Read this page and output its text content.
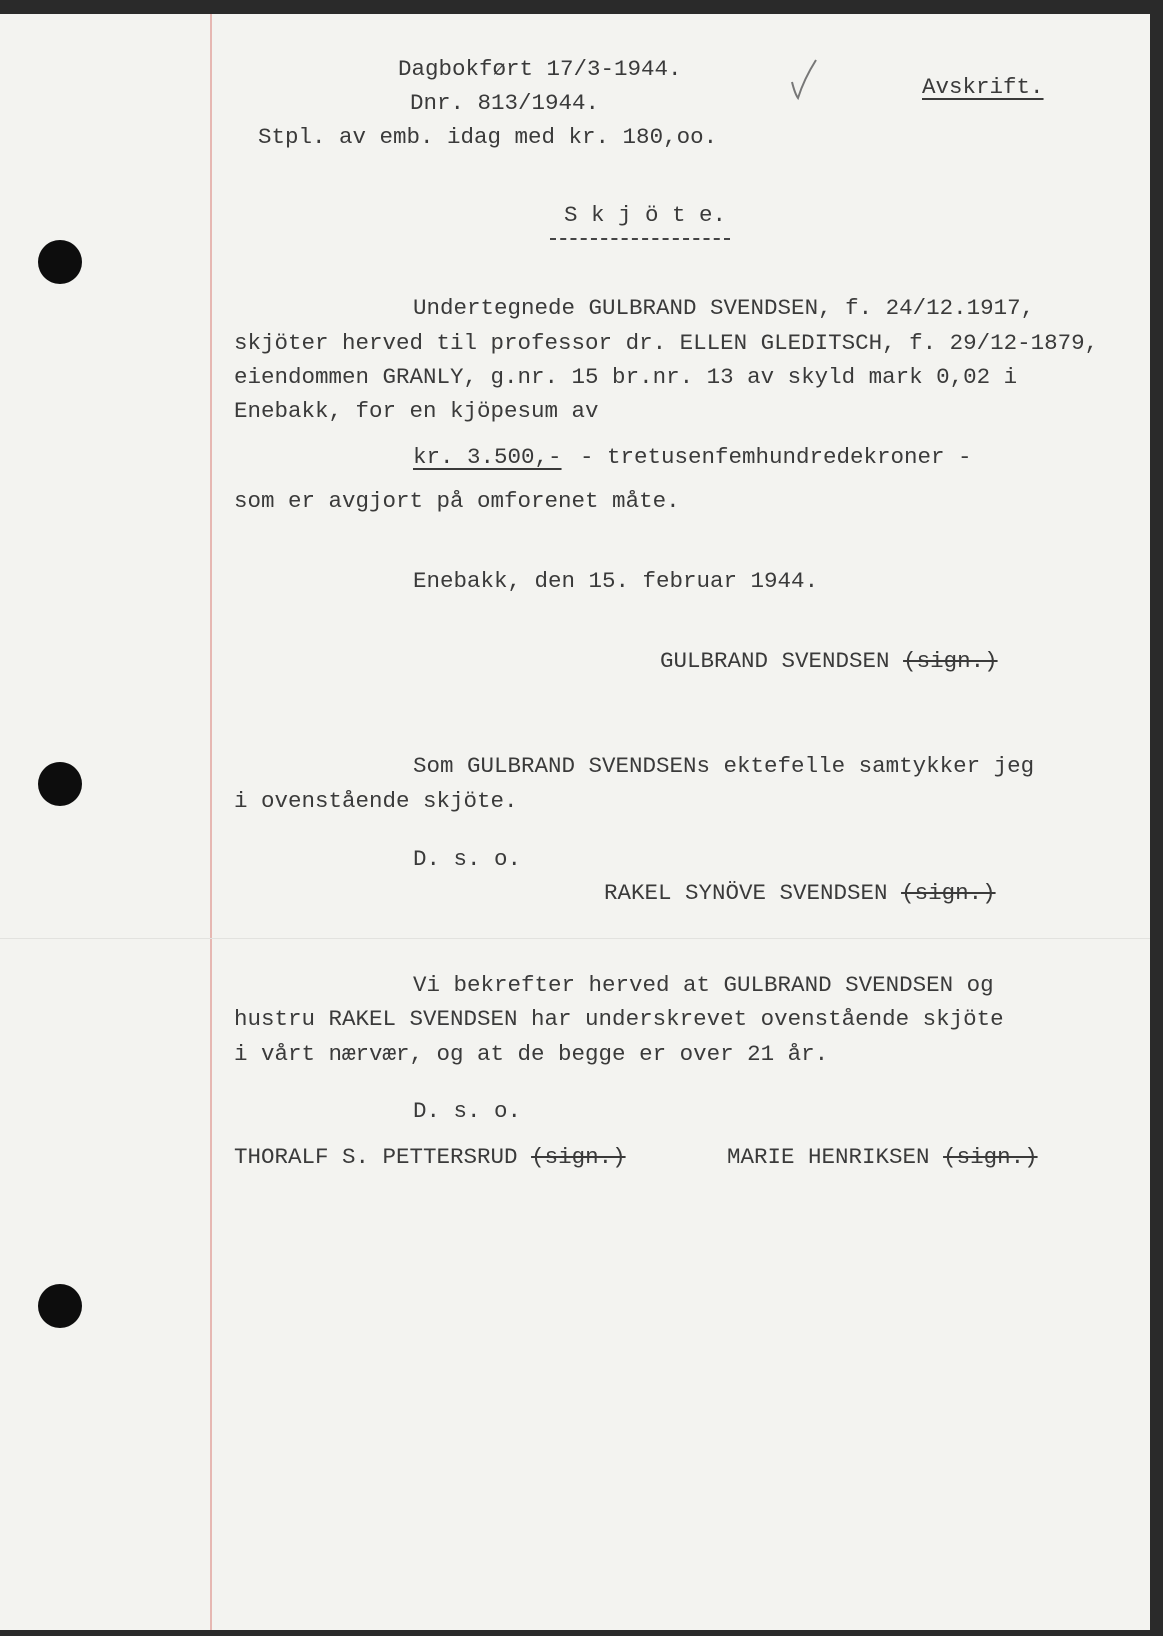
Dagbokført 17/3-1944.

Dnr. 813/1944.

Stpl. av emb. idag med kr. 180,oo.

Avskrift.

S k j ö t e.

Undertegnede GULBRAND SVENDSEN, f. 24/12.1917,

skjöter herved til professor dr. ELLEN GLEDITSCH, f. 29/12-1879,

eiendommen GRANLY, g.nr. 15 br.nr. 13 av skyld mark 0,02 i

Enebakk, for en kjöpesum av

kr. 3.500,- - tretusenfemhundredekroner -

som er avgjort på omforenet måte.

Enebakk, den 15. februar 1944.

GULBRAND SVENDSEN (sign.)

Som GULBRAND SVENDSENs ektefelle samtykker jeg

i ovenstående skjöte.

D. s. o.

RAKEL SYNÖVE SVENDSEN (sign.)

Vi bekrefter herved at GULBRAND SVENDSEN og

hustru RAKEL SVENDSEN har underskrevet ovenstående skjöte

i vårt nærvær, og at de begge er over 21 år.

D. s. o.

THORALF S. PETTERSRUD (sign.)	MARIE HENRIKSEN (sign.)
